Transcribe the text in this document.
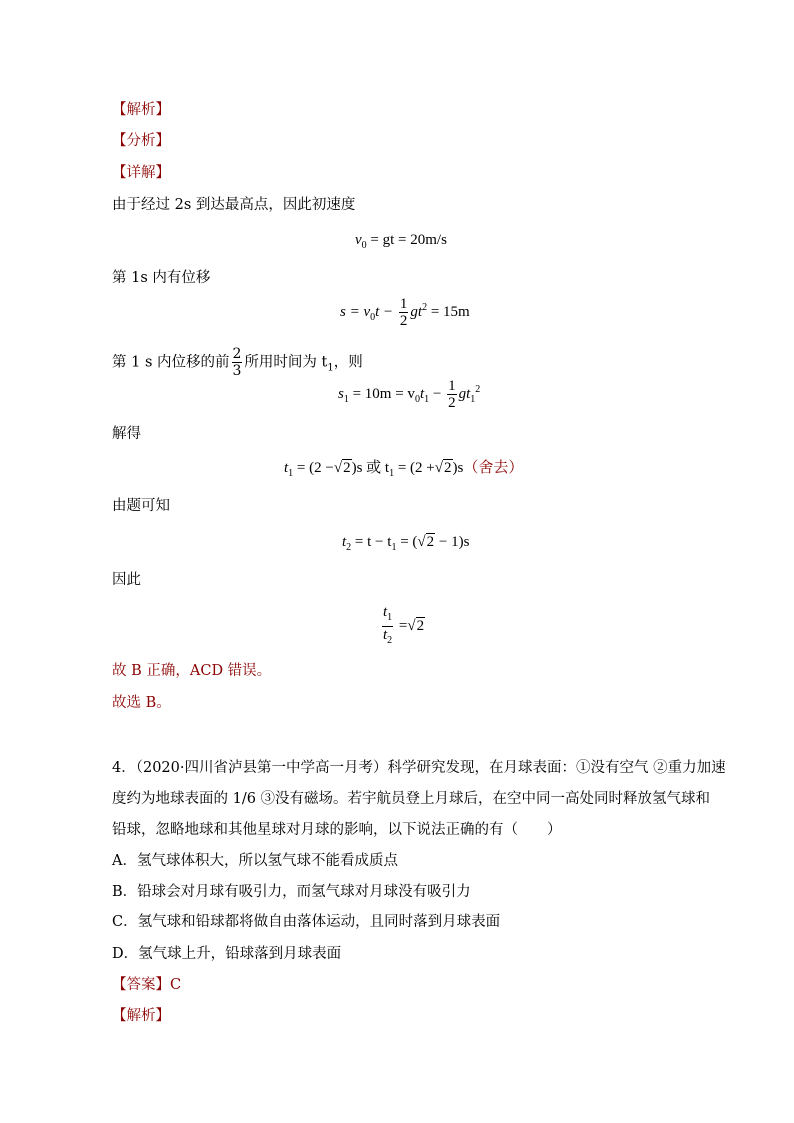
【解析】
【分析】
【详解】
由于经过 2s 到达最高点，因此初速度
$v_0$ = gt = 20m/s
第 1s 内有位移
$s = v_0t - \frac{1}{2} gt^2 = 15m$
第 1 s 内位移的前 $\frac{2}{3}$ 所用时间为 $t_1$，则
$s_1 = 10m = v_0t_1 - \frac{1}{2} gt_1^2$
解得
$t_1 = (2 -√2)s$ 或 $t_1 = (2 +√2)s$（舍去）
由题可知
$t_2 = t - t_1 = (√2 - 1)s$
因此
$\frac{t_1}{t_2} =√2$
故 B 正确，ACD 错误。
故选 B。
4．（2020·四川省泸县第一中学高一月考）科学研究发现，在月球表面：①没有空气 ②重力加速
度约为地球表面的 1/6 ③没有磁场。若宇航员登上月球后，在空中同一高处同时释放氢气球和
铅球，忽略地球和其他星球对月球的影响，以下说法正确的有（　　）
A．氢气球体积大，所以氢气球不能看成质点
B．铅球会对月球有吸引力，而氢气球对月球没有吸引力
C．氢气球和铅球都将做自由落体运动，且同时落到月球表面
D．氢气球上升，铅球落到月球表面
【答案】C
【解析】
